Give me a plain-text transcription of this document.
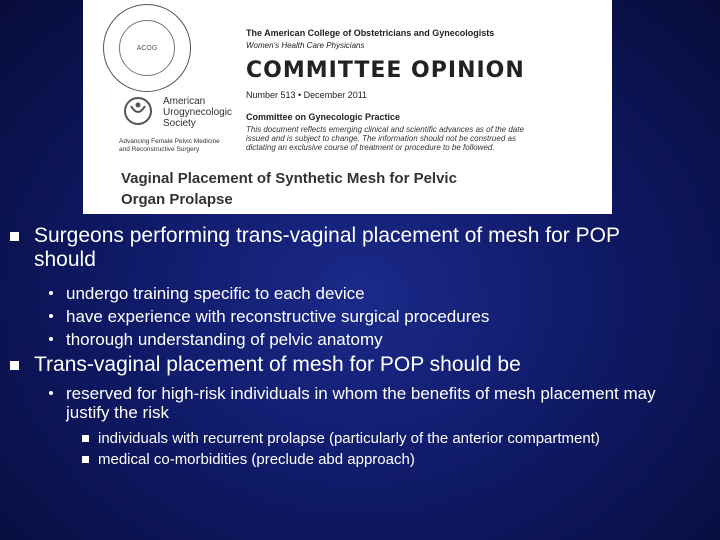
ACOG
American
Urogynecologic
Society
Advancing Female Pelvic Medicine and Reconstructive Surgery
The American College of Obstetricians and Gynecologists
Women's Health Care Physicians
COMMITTEE OPINION
Number 513 • December 2011
Committee on Gynecologic Practice
This document reflects emerging clinical and scientific advances as of the date issued and is subject to change. The information should not be construed as dictating an exclusive course of treatment or procedure to be followed.
Vaginal Placement of Synthetic Mesh for Pelvic
Organ Prolapse
Surgeons performing trans-vaginal placement of mesh for POP should
undergo training specific to each device
have experience with reconstructive surgical procedures
thorough understanding of pelvic anatomy
Trans-vaginal placement of mesh for POP should be
reserved for high-risk individuals in whom the benefits of mesh placement may justify the risk
individuals with recurrent prolapse (particularly of the anterior compartment)
medical co-morbidities (preclude abd approach)
